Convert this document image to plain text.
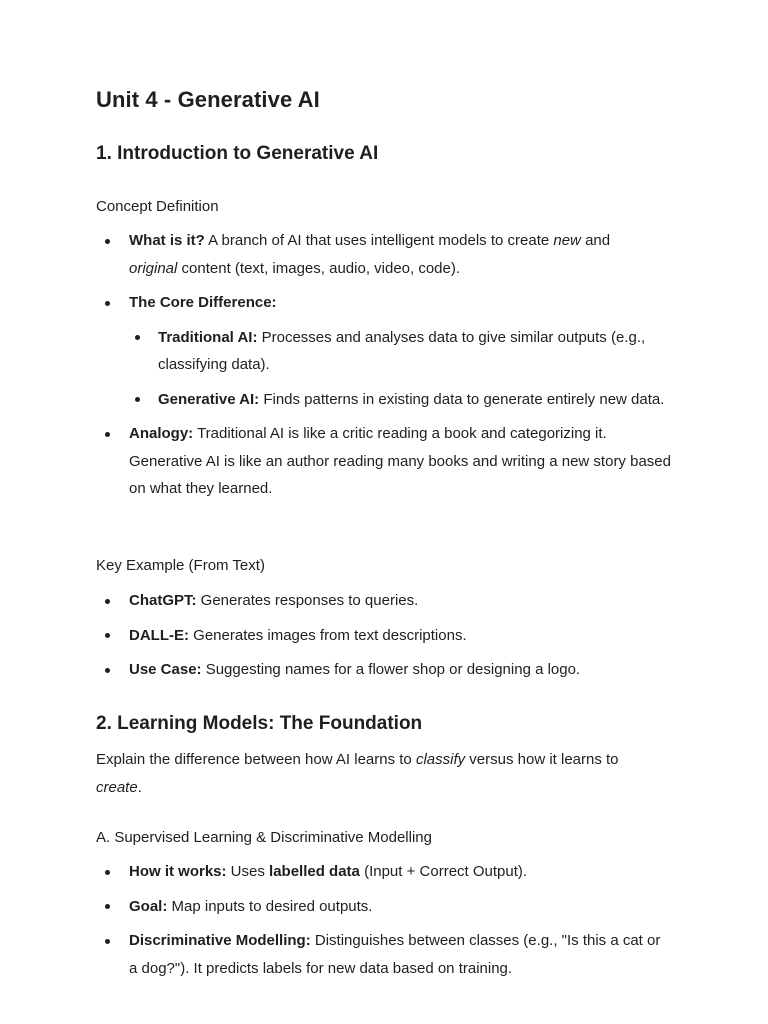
Unit 4 - Generative AI
1. Introduction to Generative AI
Concept Definition
What is it? A branch of AI that uses intelligent models to create new and
original content (text, images, audio, video, code).
The Core Difference:
Traditional AI: Processes and analyses data to give similar outputs (e.g., classifying data).
Generative AI: Finds patterns in existing data to generate entirely new data.
Analogy: Traditional AI is like a critic reading a book and categorizing it. Generative AI is like an author reading many books and writing a new story based on what they learned.
Key Example (From Text)
ChatGPT: Generates responses to queries.
DALL-E: Generates images from text descriptions.
Use Case: Suggesting names for a flower shop or designing a logo.
2. Learning Models: The Foundation

Explain the difference between how AI learns to classify versus how it learns to
create.

A. Supervised Learning & Discriminative Modelling
How it works: Uses labelled data (Input + Correct Output).
Goal: Map inputs to desired outputs.
Discriminative Modelling: Distinguishes between classes (e.g., "Is this a cat or a dog?"). It predicts labels for new data based on training.
